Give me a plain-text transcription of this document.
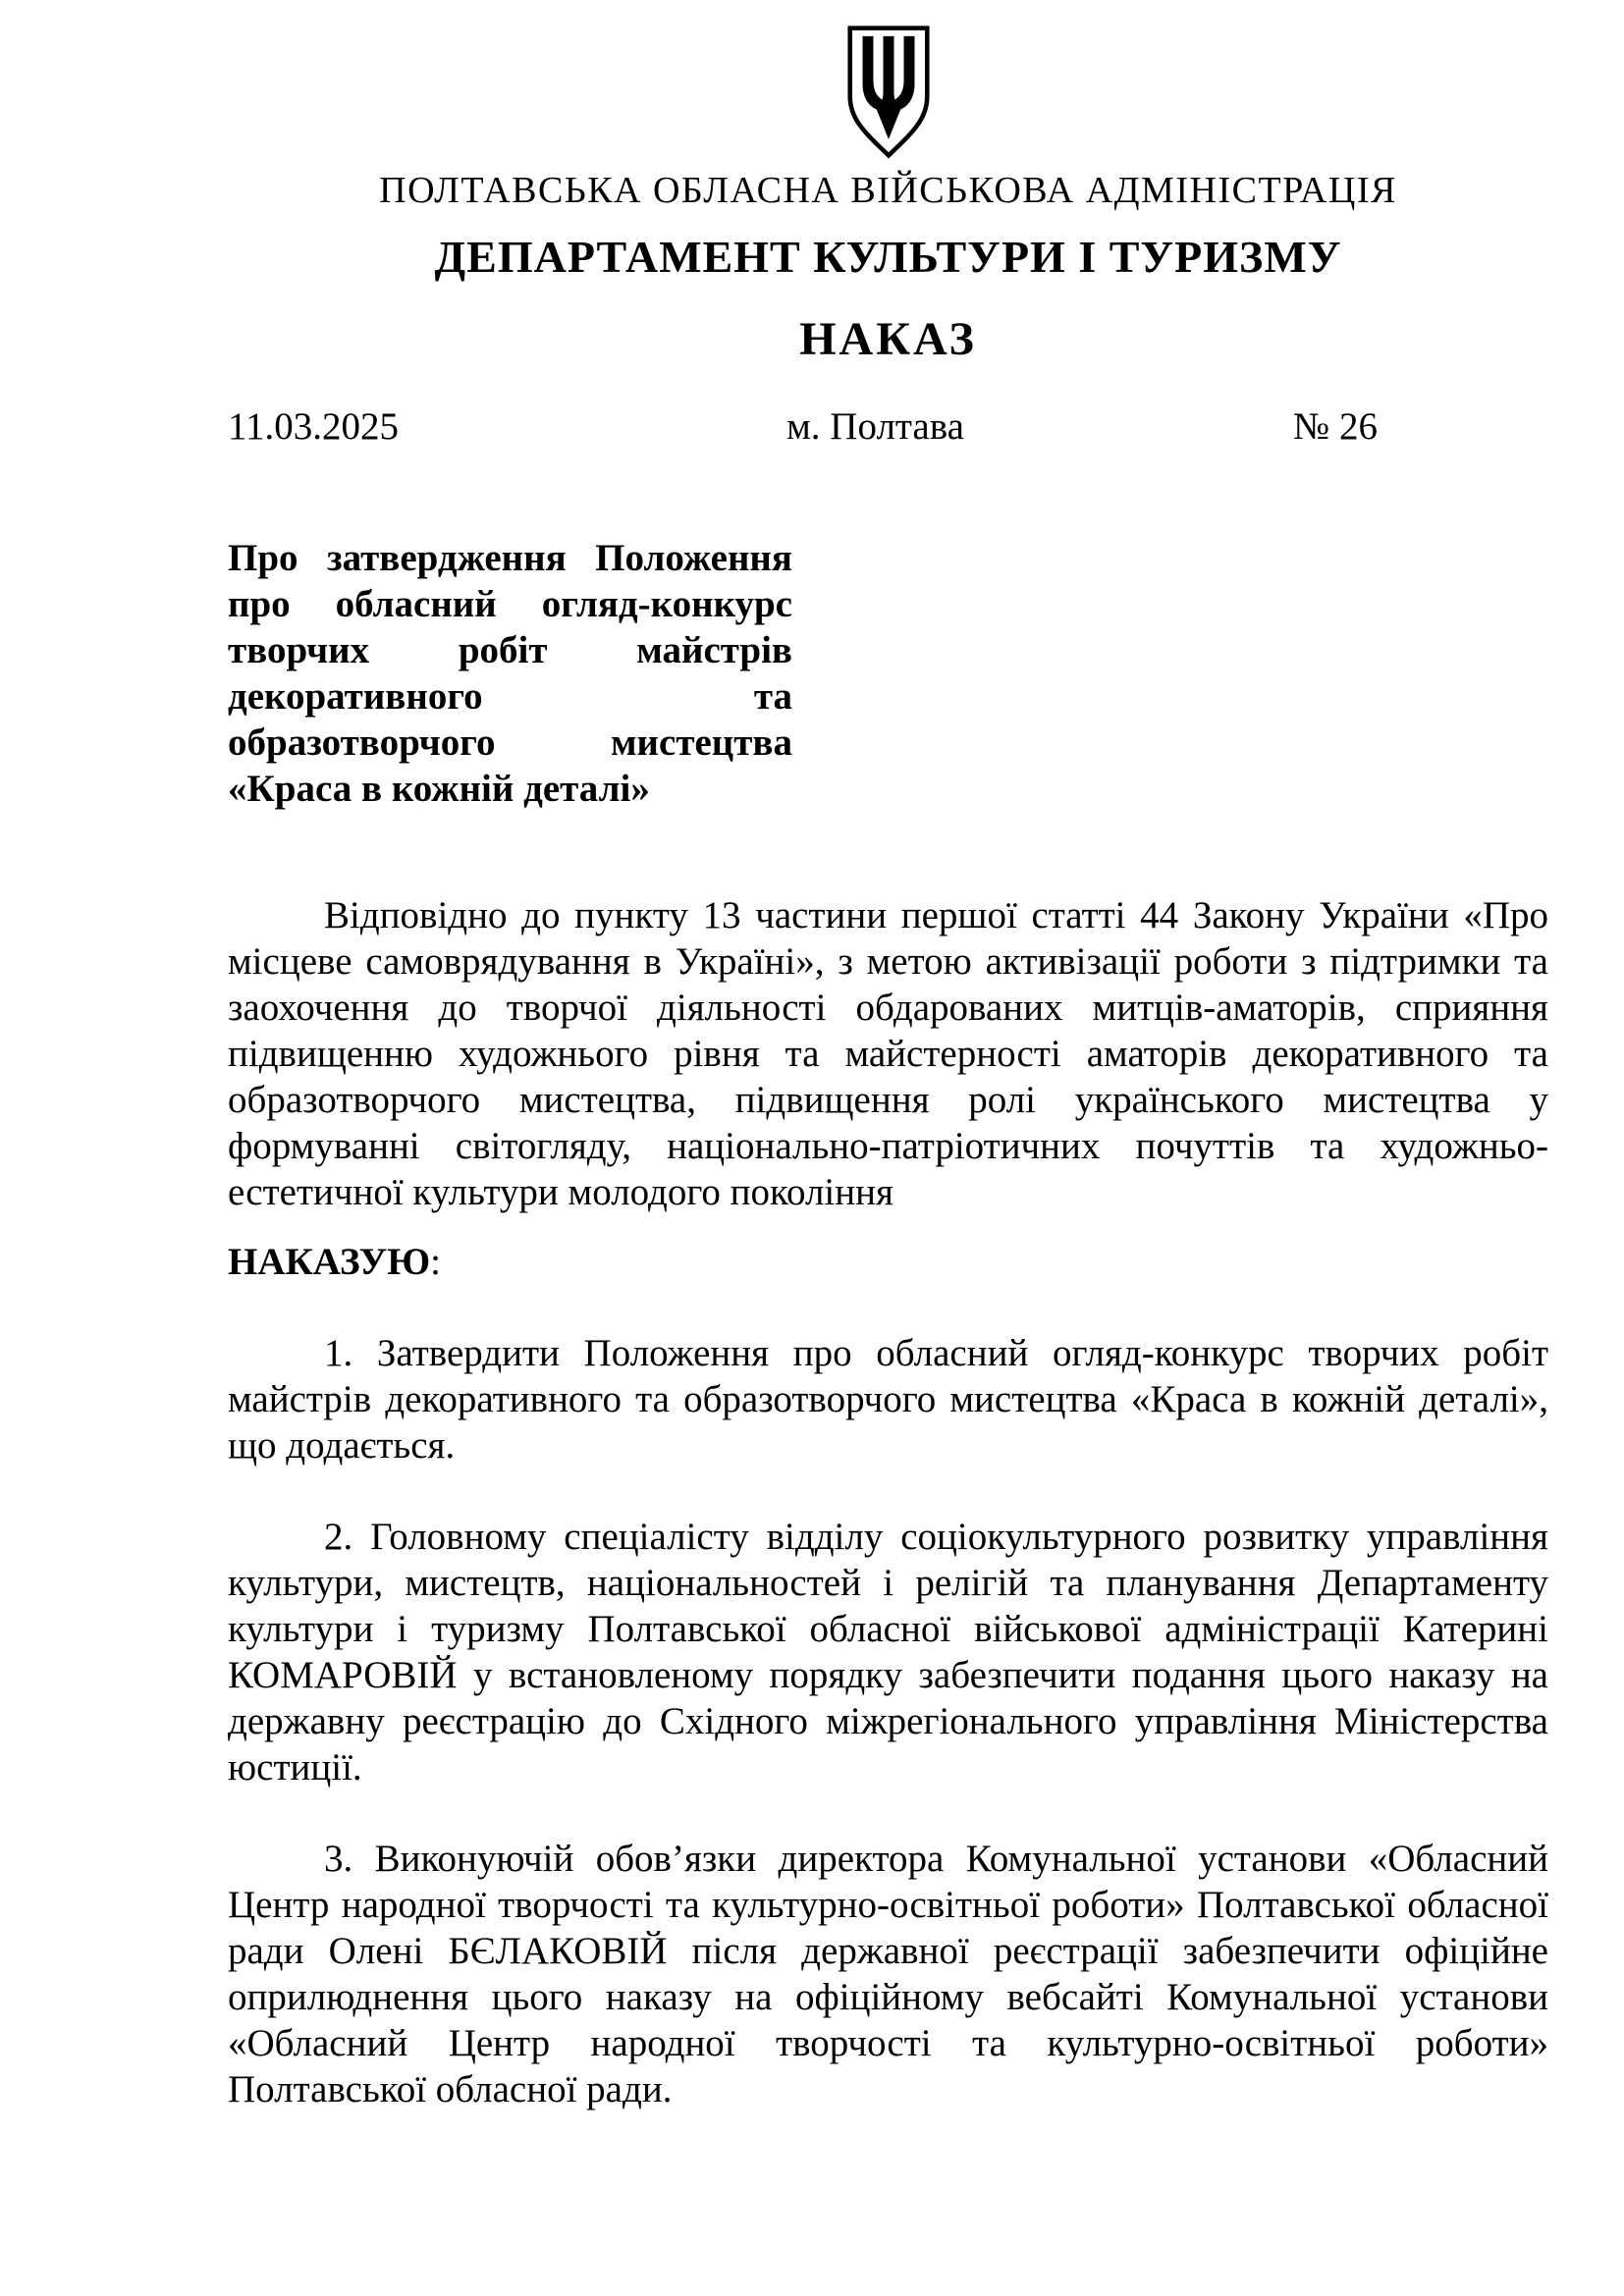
ПОЛТАВСЬКА ОБЛАСНА ВІЙСЬКОВА АДМІНІСТРАЦІЯ
ДЕПАРТАМЕНТ КУЛЬТУРИ І ТУРИЗМУ
НАКАЗ
11.03.2025	м. Полтава	№ 26
Про затвердження Положення про обласний огляд-конкурс творчих робіт майстрів декоративного та образотворчого мистецтва «Краса в кожній деталі»

Відповідно до пункту 13 частини першої статті 44 Закону України «Про місцеве самоврядування в Україні», з метою активізації роботи з підтримки та заохочення до творчої діяльності обдарованих митців-аматорів, сприяння підвищенню художнього рівня та майстерності аматорів декоративного та образотворчого мистецтва, підвищення ролі українського мистецтва у формуванні світогляду, національно-патріотичних почуттів та художньо-естетичної культури молодого покоління

НАКАЗУЮ:

1. Затвердити Положення про обласний огляд-конкурс творчих робіт майстрів декоративного та образотворчого мистецтва «Краса в кожній деталі», що додається.

2. Головному спеціалісту відділу соціокультурного розвитку управління культури, мистецтв, національностей і релігій та планування Департаменту культури і туризму Полтавської обласної військової адміністрації Катерині КОМАРОВІЙ у встановленому порядку забезпечити подання цього наказу на державну реєстрацію до Східного міжрегіонального управління Міністерства юстиції.

3. Виконуючій обов’язки директора Комунальної установи «Обласний Центр народної творчості та культурно-освітньої роботи» Полтавської обласної ради Олені БЄЛАКОВІЙ після державної реєстрації забезпечити офіційне оприлюднення цього наказу на офіційному вебсайті Комунальної установи «Обласний Центр народної творчості та культурно-освітньої роботи» Полтавської обласної ради.
